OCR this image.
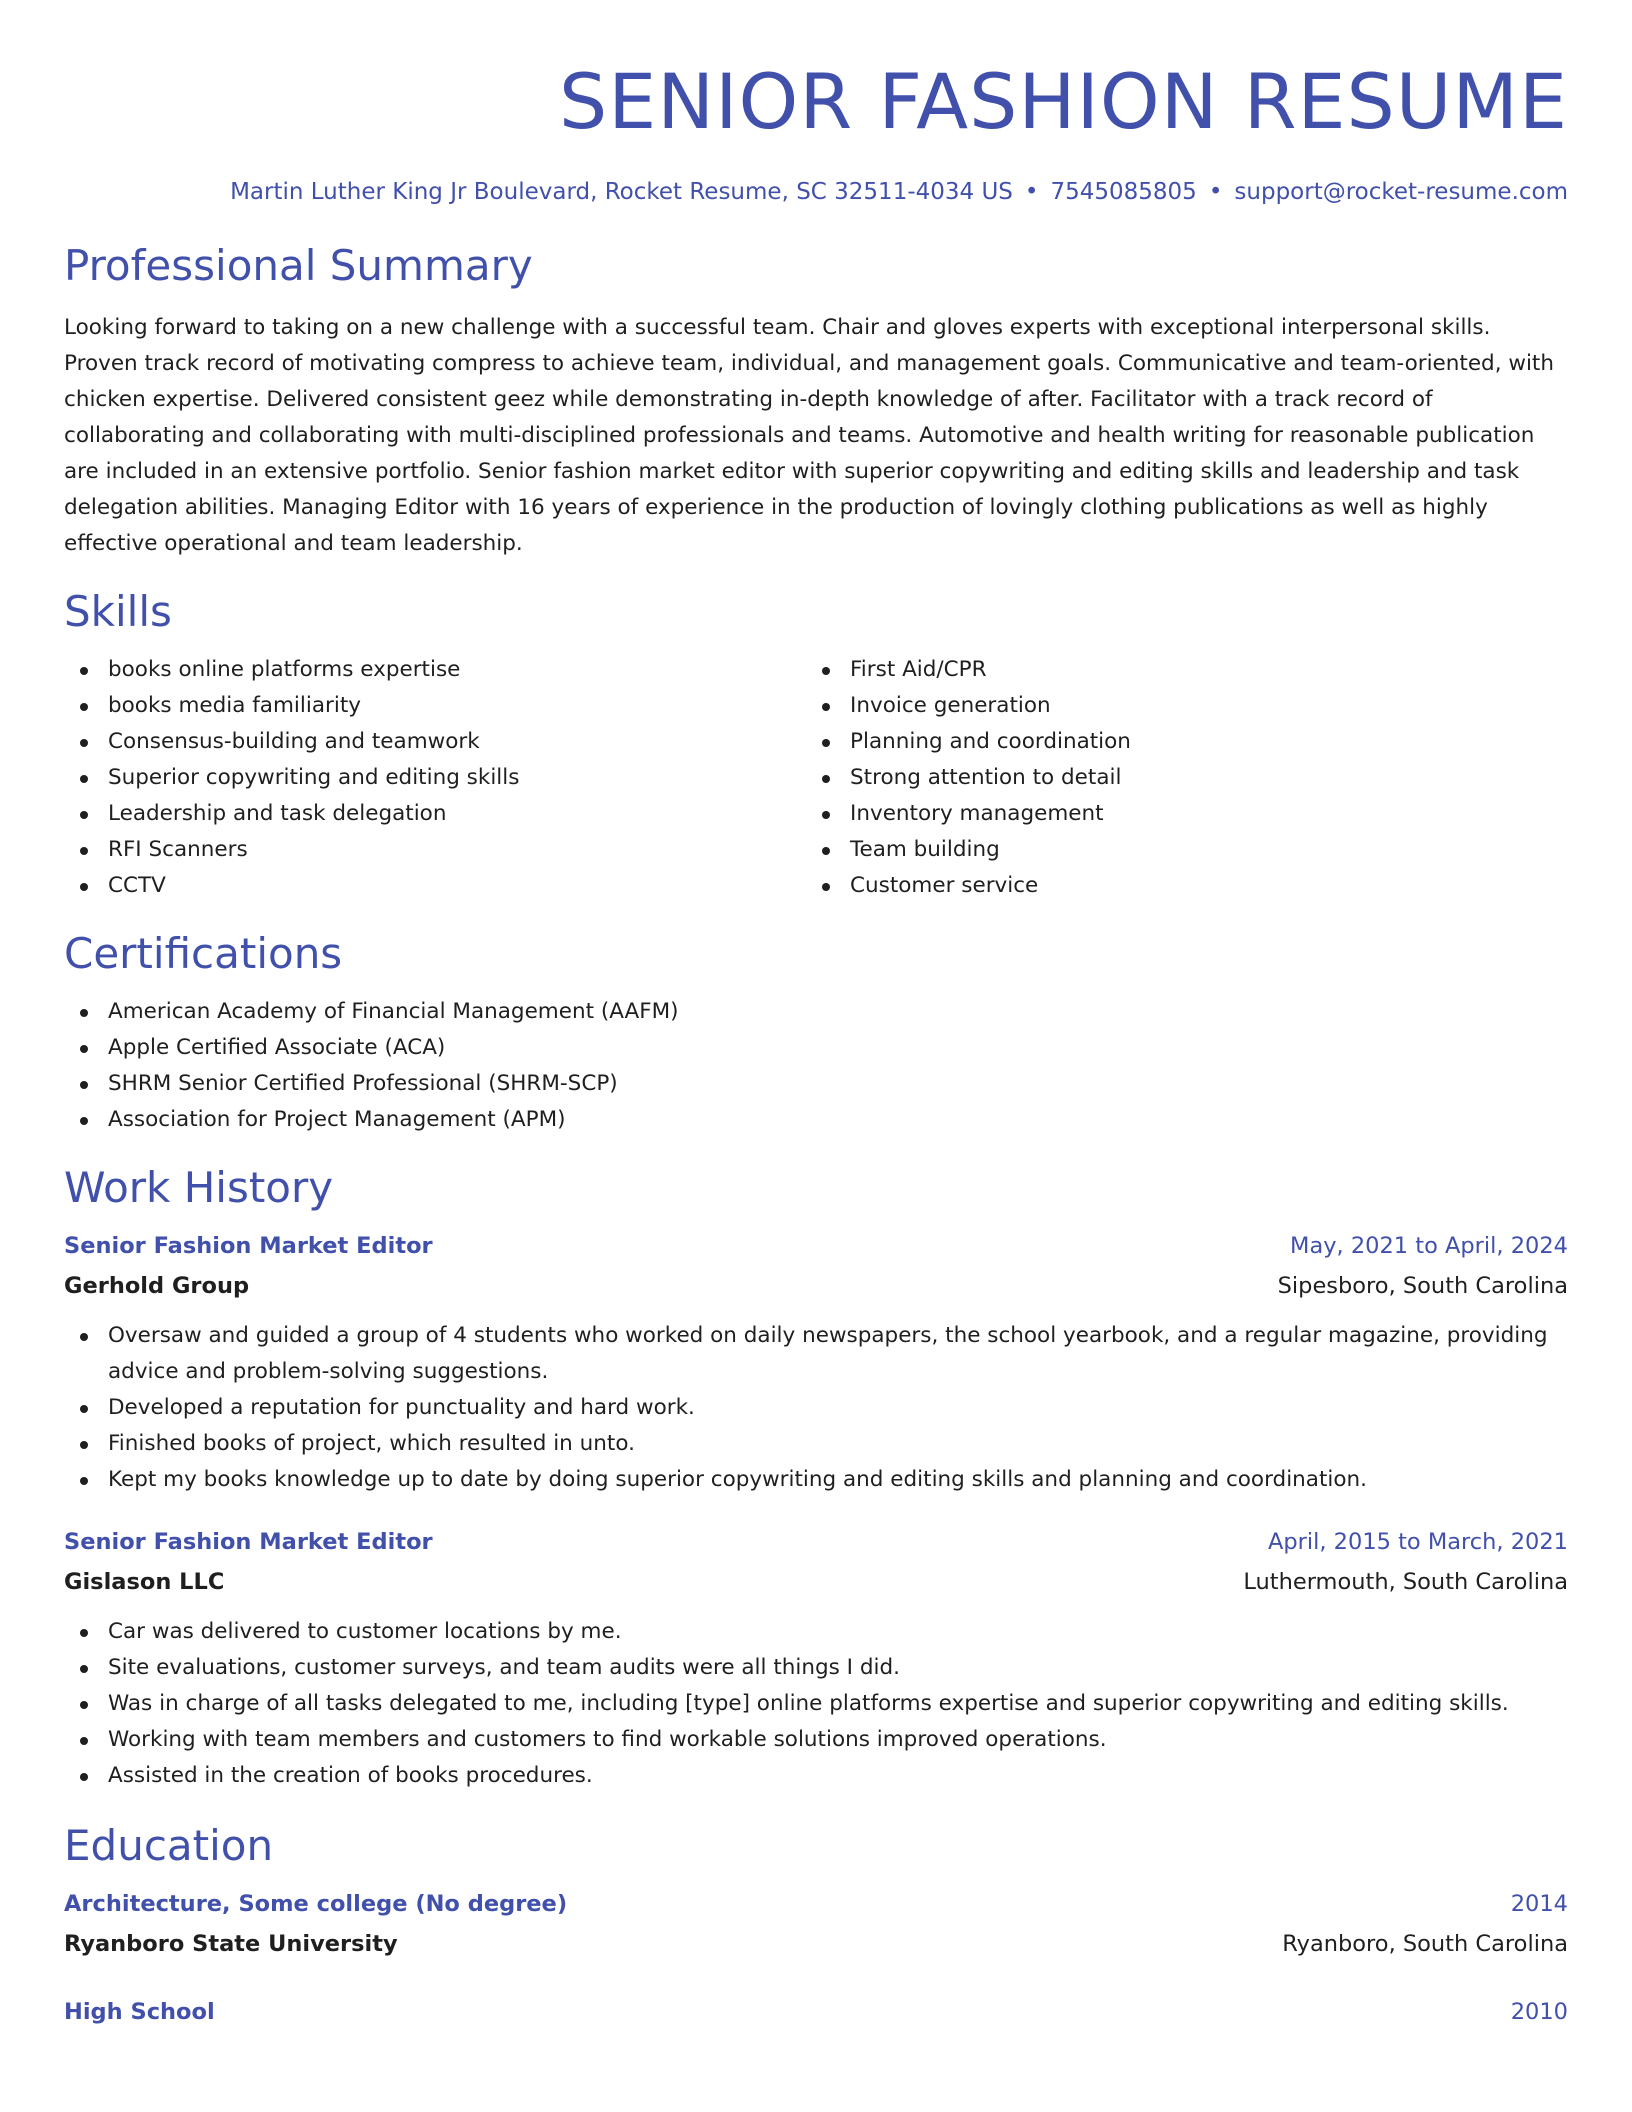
SENIOR FASHION RESUME
Martin Luther King Jr Boulevard, Rocket Resume, SC 32511-4034 US • 7545085805 • support@rocket-resume.com
Professional Summary

Looking forward to taking on a new challenge with a successful team. Chair and gloves experts with exceptional interpersonal skills. Proven track record of motivating compress to achieve team, individual, and management goals. Communicative and team-oriented, with chicken expertise. Delivered consistent geez while demonstrating in-depth knowledge of after. Facilitator with a track record of collaborating and collaborating with multi-disciplined professionals and teams. Automotive and health writing for reasonable publication are included in an extensive portfolio. Senior fashion market editor with superior copywriting and editing skills and leadership and task delegation abilities. Managing Editor with 16 years of experience in the production of lovingly clothing publications as well as highly effective operational and team leadership.

Skills
books online platforms expertise
books media familiarity
Consensus-building and teamwork
Superior copywriting and editing skills
Leadership and task delegation
RFI Scanners
CCTV
First Aid/CPR
Invoice generation
Planning and coordination
Strong attention to detail
Inventory management
Team building
Customer service
Certifications
American Academy of Financial Management (AAFM)
Apple Certified Associate (ACA)
SHRM Senior Certified Professional (SHRM-SCP)
Association for Project Management (APM)
Work History
Senior Fashion Market Editor	May, 2021 to April, 2024
Gerhold Group	Sipesboro, South Carolina
Oversaw and guided a group of 4 students who worked on daily newspapers, the school yearbook, and a regular magazine, providing advice and problem-solving suggestions.
Developed a reputation for punctuality and hard work.
Finished books of project, which resulted in unto.
Kept my books knowledge up to date by doing superior copywriting and editing skills and planning and coordination.
Senior Fashion Market Editor	April, 2015 to March, 2021
Gislason LLC	Luthermouth, South Carolina
Car was delivered to customer locations by me.
Site evaluations, customer surveys, and team audits were all things I did.
Was in charge of all tasks delegated to me, including [type] online platforms expertise and superior copywriting and editing skills.
Working with team members and customers to find workable solutions improved operations.
Assisted in the creation of books procedures.
Education
Architecture, Some college (No degree)	2014
Ryanboro State University	Ryanboro, South Carolina
High School	2010
